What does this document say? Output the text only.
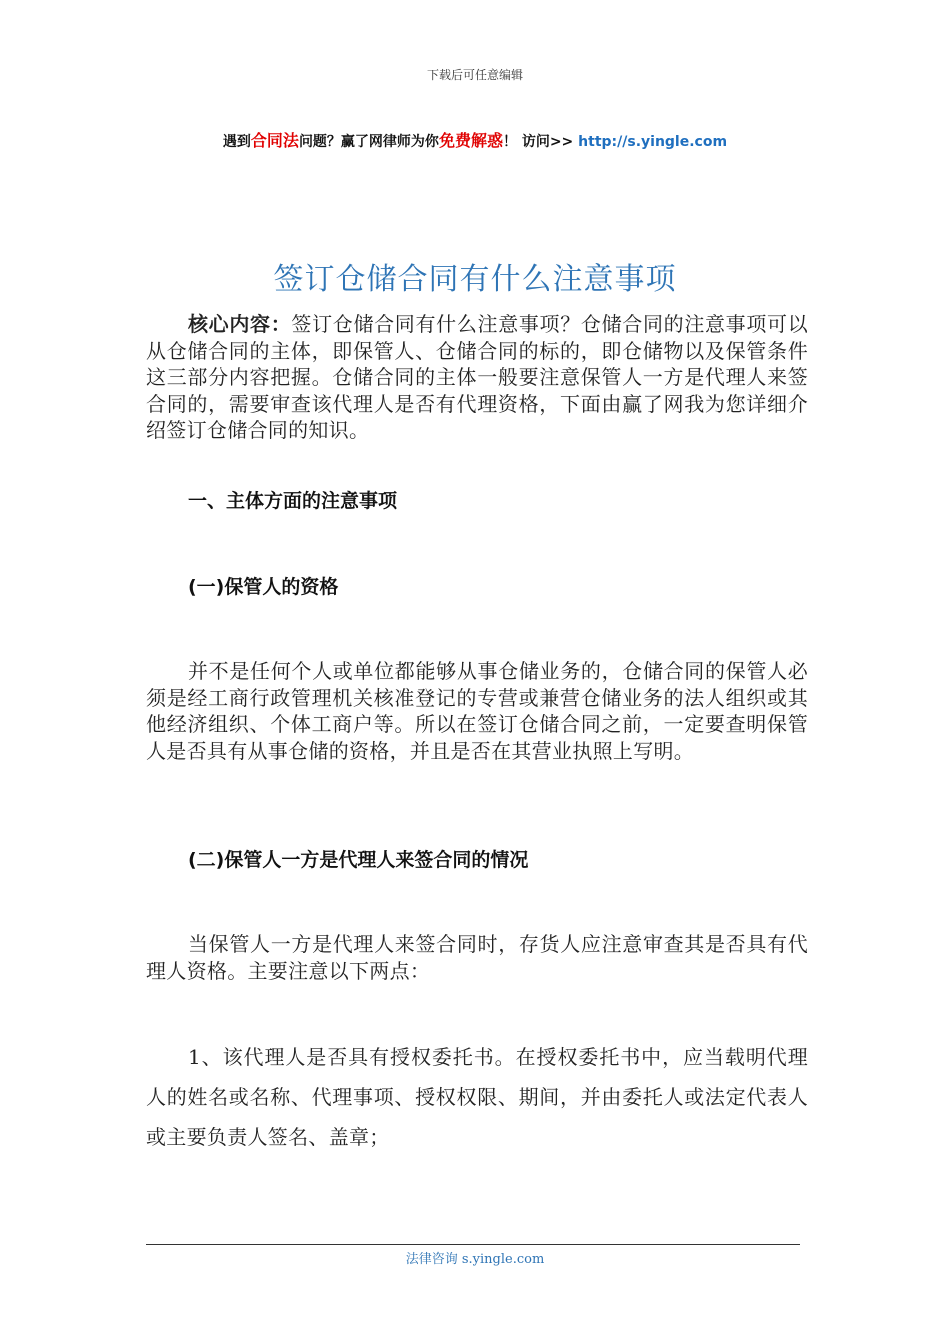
下载后可任意编辑
遇到合同法问题？赢了网律师为你免费解惑！ 访问>> http://s.yingle.com
签订仓储合同有什么注意事项
核心内容：签订仓储合同有什么注意事项？仓储合同的注意事项可以从仓储合同的主体，即保管人、仓储合同的标的，即仓储物以及保管条件这三部分内容把握。仓储合同的主体一般要注意保管人一方是代理人来签合同的，需要审查该代理人是否有代理资格，下面由赢了网我为您详细介绍签订仓储合同的知识。
一、主体方面的注意事项
(一)保管人的资格
并不是任何个人或单位都能够从事仓储业务的，仓储合同的保管人必须是经工商行政管理机关核准登记的专营或兼营仓储业务的法人组织或其他经济组织、个体工商户等。所以在签订仓储合同之前，一定要查明保管人是否具有从事仓储的资格，并且是否在其营业执照上写明。
(二)保管人一方是代理人来签合同的情况
当保管人一方是代理人来签合同时，存货人应注意审查其是否具有代理人资格。主要注意以下两点：
1、该代理人是否具有授权委托书。在授权委托书中，应当载明代理人的姓名或名称、代理事项、授权权限、期间，并由委托人或法定代表人或主要负责人签名、盖章；
法律咨询 s.yingle.com
